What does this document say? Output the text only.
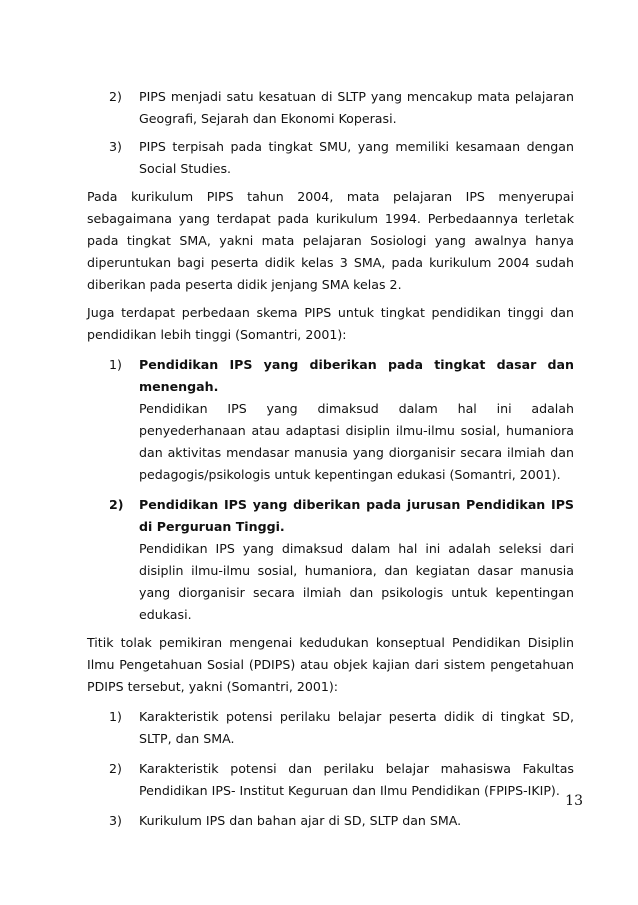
2) PIPS menjadi satu kesatuan di SLTP yang mencakup mata pelajaran Geografi, Sejarah dan Ekonomi Koperasi.
3) PIPS terpisah pada tingkat SMU, yang memiliki kesamaan dengan Social Studies.

Pada kurikulum PIPS tahun 2004, mata pelajaran IPS menyerupai sebagaimana yang terdapat pada kurikulum 1994. Perbedaannya terletak pada tingkat SMA, yakni mata pelajaran Sosiologi yang awalnya hanya diperuntukan bagi peserta didik kelas 3 SMA, pada kurikulum 2004 sudah diberikan pada peserta didik jenjang SMA kelas 2.

Juga terdapat perbedaan skema PIPS untuk tingkat pendidikan tinggi dan pendidikan lebih tinggi (Somantri, 2001):

1) Pendidikan IPS yang diberikan pada tingkat dasar dan menengah.

Pendidikan IPS yang dimaksud dalam hal ini adalah penyederhanaan atau adaptasi disiplin ilmu-ilmu sosial, humaniora dan aktivitas mendasar manusia yang diorganisir secara ilmiah dan pedagogis/psikologis untuk kepentingan edukasi (Somantri, 2001).

2) Pendidikan IPS yang diberikan pada jurusan Pendidikan IPS di Perguruan Tinggi.

Pendidikan IPS yang dimaksud dalam hal ini adalah seleksi dari disiplin ilmu-ilmu sosial, humaniora, dan kegiatan dasar manusia yang diorganisir secara ilmiah dan psikologis untuk kepentingan edukasi.

Titik tolak pemikiran mengenai kedudukan konseptual Pendidikan Disiplin Ilmu Pengetahuan Sosial (PDIPS) atau objek kajian dari sistem pengetahuan PDIPS tersebut, yakni (Somantri, 2001):

1) Karakteristik potensi perilaku belajar peserta didik di tingkat SD, SLTP, dan SMA.
2) Karakteristik potensi dan perilaku belajar mahasiswa Fakultas Pendidikan IPS- Institut Keguruan dan Ilmu Pendidikan (FPIPS-IKIP).
3) Kurikulum IPS dan bahan ajar di SD, SLTP dan SMA.
13
